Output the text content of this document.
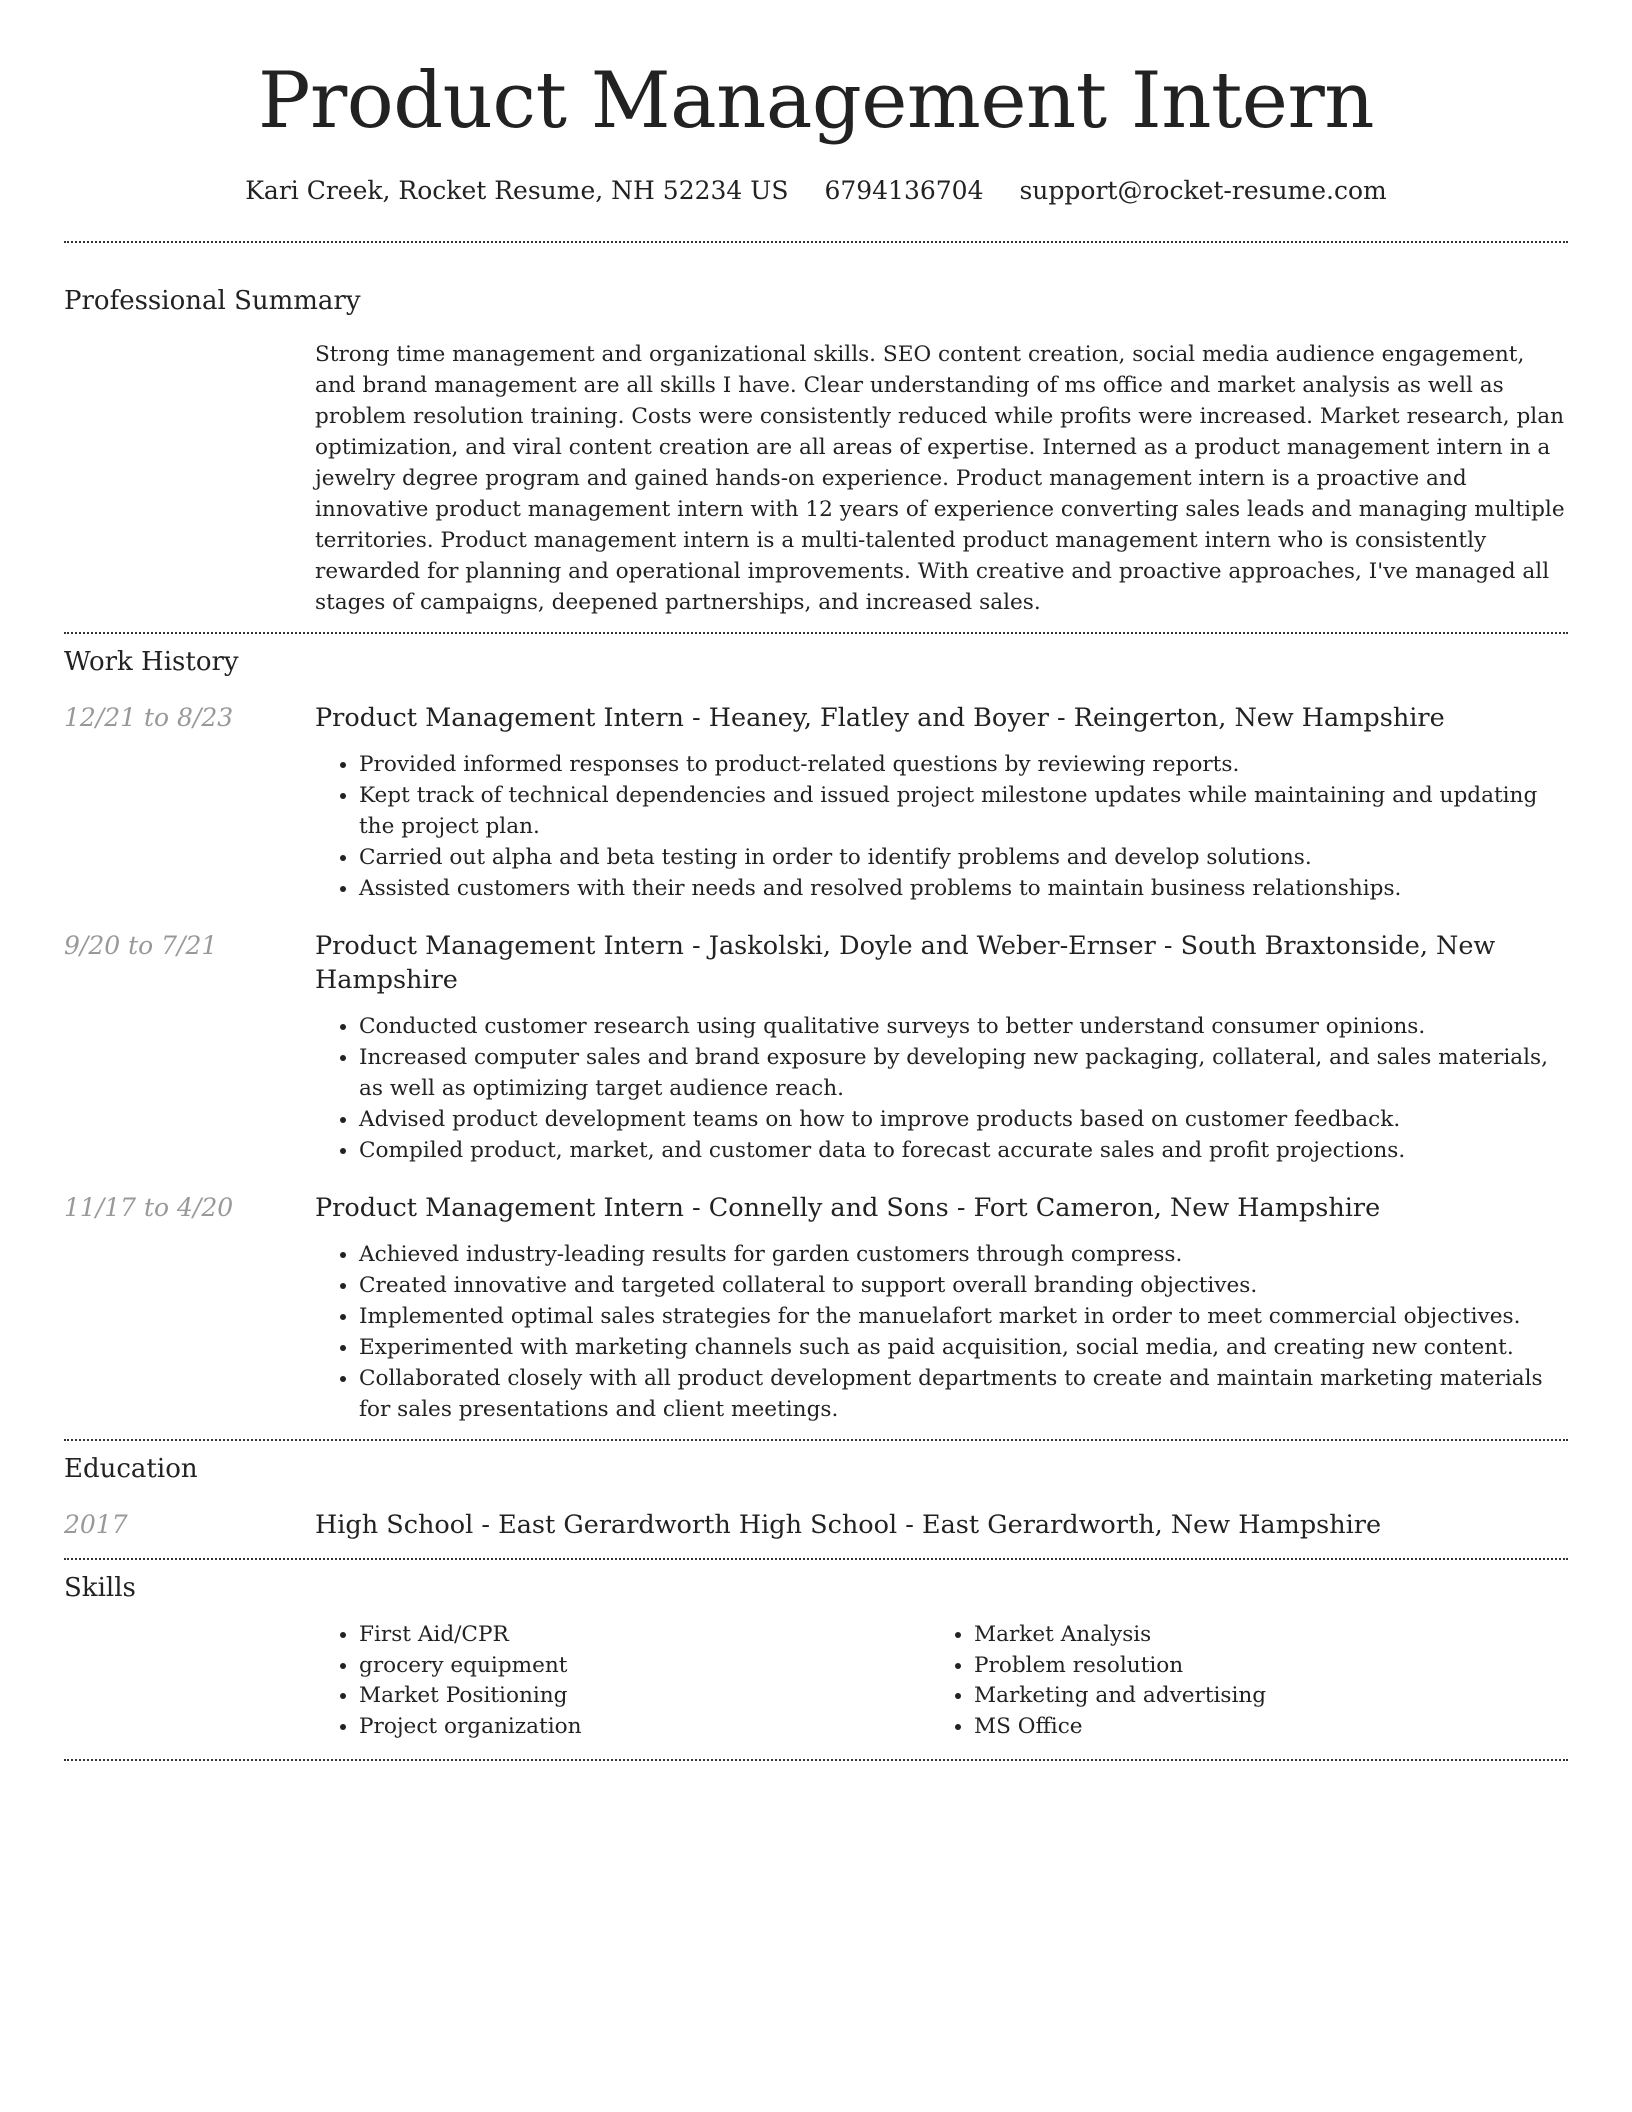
Product Management Intern
Kari Creek, Rocket Resume, NH 52234 US 6794136704 support@rocket-resume.com
Professional Summary
Strong time management and organizational skills. SEO content creation, social media audience engagement, and brand management are all skills I have. Clear understanding of ms office and market analysis as well as problem resolution training. Costs were consistently reduced while profits were increased. Market research, plan optimization, and viral content creation are all areas of expertise. Interned as a product management intern in a jewelry degree program and gained hands-on experience. Product management intern is a proactive and innovative product management intern with 12 years of experience converting sales leads and managing multiple territories. Product management intern is a multi-talented product management intern who is consistently rewarded for planning and operational improvements. With creative and proactive approaches, I've managed all stages of campaigns, deepened partnerships, and increased sales.
Work History
12/21 to 8/23	Product Management Intern - Heaney, Flatley and Boyer - Reingerton, New Hampshire
• Provided informed responses to product-related questions by reviewing reports.
• Kept track of technical dependencies and issued project milestone updates while maintaining and updating the project plan.
• Carried out alpha and beta testing in order to identify problems and develop solutions.
• Assisted customers with their needs and resolved problems to maintain business relationships.
9/20 to 7/21	Product Management Intern - Jaskolski, Doyle and Weber-Ernser - South Braxtonside, New Hampshire
• Conducted customer research using qualitative surveys to better understand consumer opinions.
• Increased computer sales and brand exposure by developing new packaging, collateral, and sales materials, as well as optimizing target audience reach.
• Advised product development teams on how to improve products based on customer feedback.
• Compiled product, market, and customer data to forecast accurate sales and profit projections.
11/17 to 4/20	Product Management Intern - Connelly and Sons - Fort Cameron, New Hampshire
• Achieved industry-leading results for garden customers through compress.
• Created innovative and targeted collateral to support overall branding objectives.
• Implemented optimal sales strategies for the manuelafort market in order to meet commercial objectives.
• Experimented with marketing channels such as paid acquisition, social media, and creating new content.
• Collaborated closely with all product development departments to create and maintain marketing materials for sales presentations and client meetings.
Education
2017	High School - East Gerardworth High School - East Gerardworth, New Hampshire
Skills
• First Aid/CPR
• grocery equipment
• Market Positioning
• Project organization
• Market Analysis
• Problem resolution
• Marketing and advertising
• MS Office
